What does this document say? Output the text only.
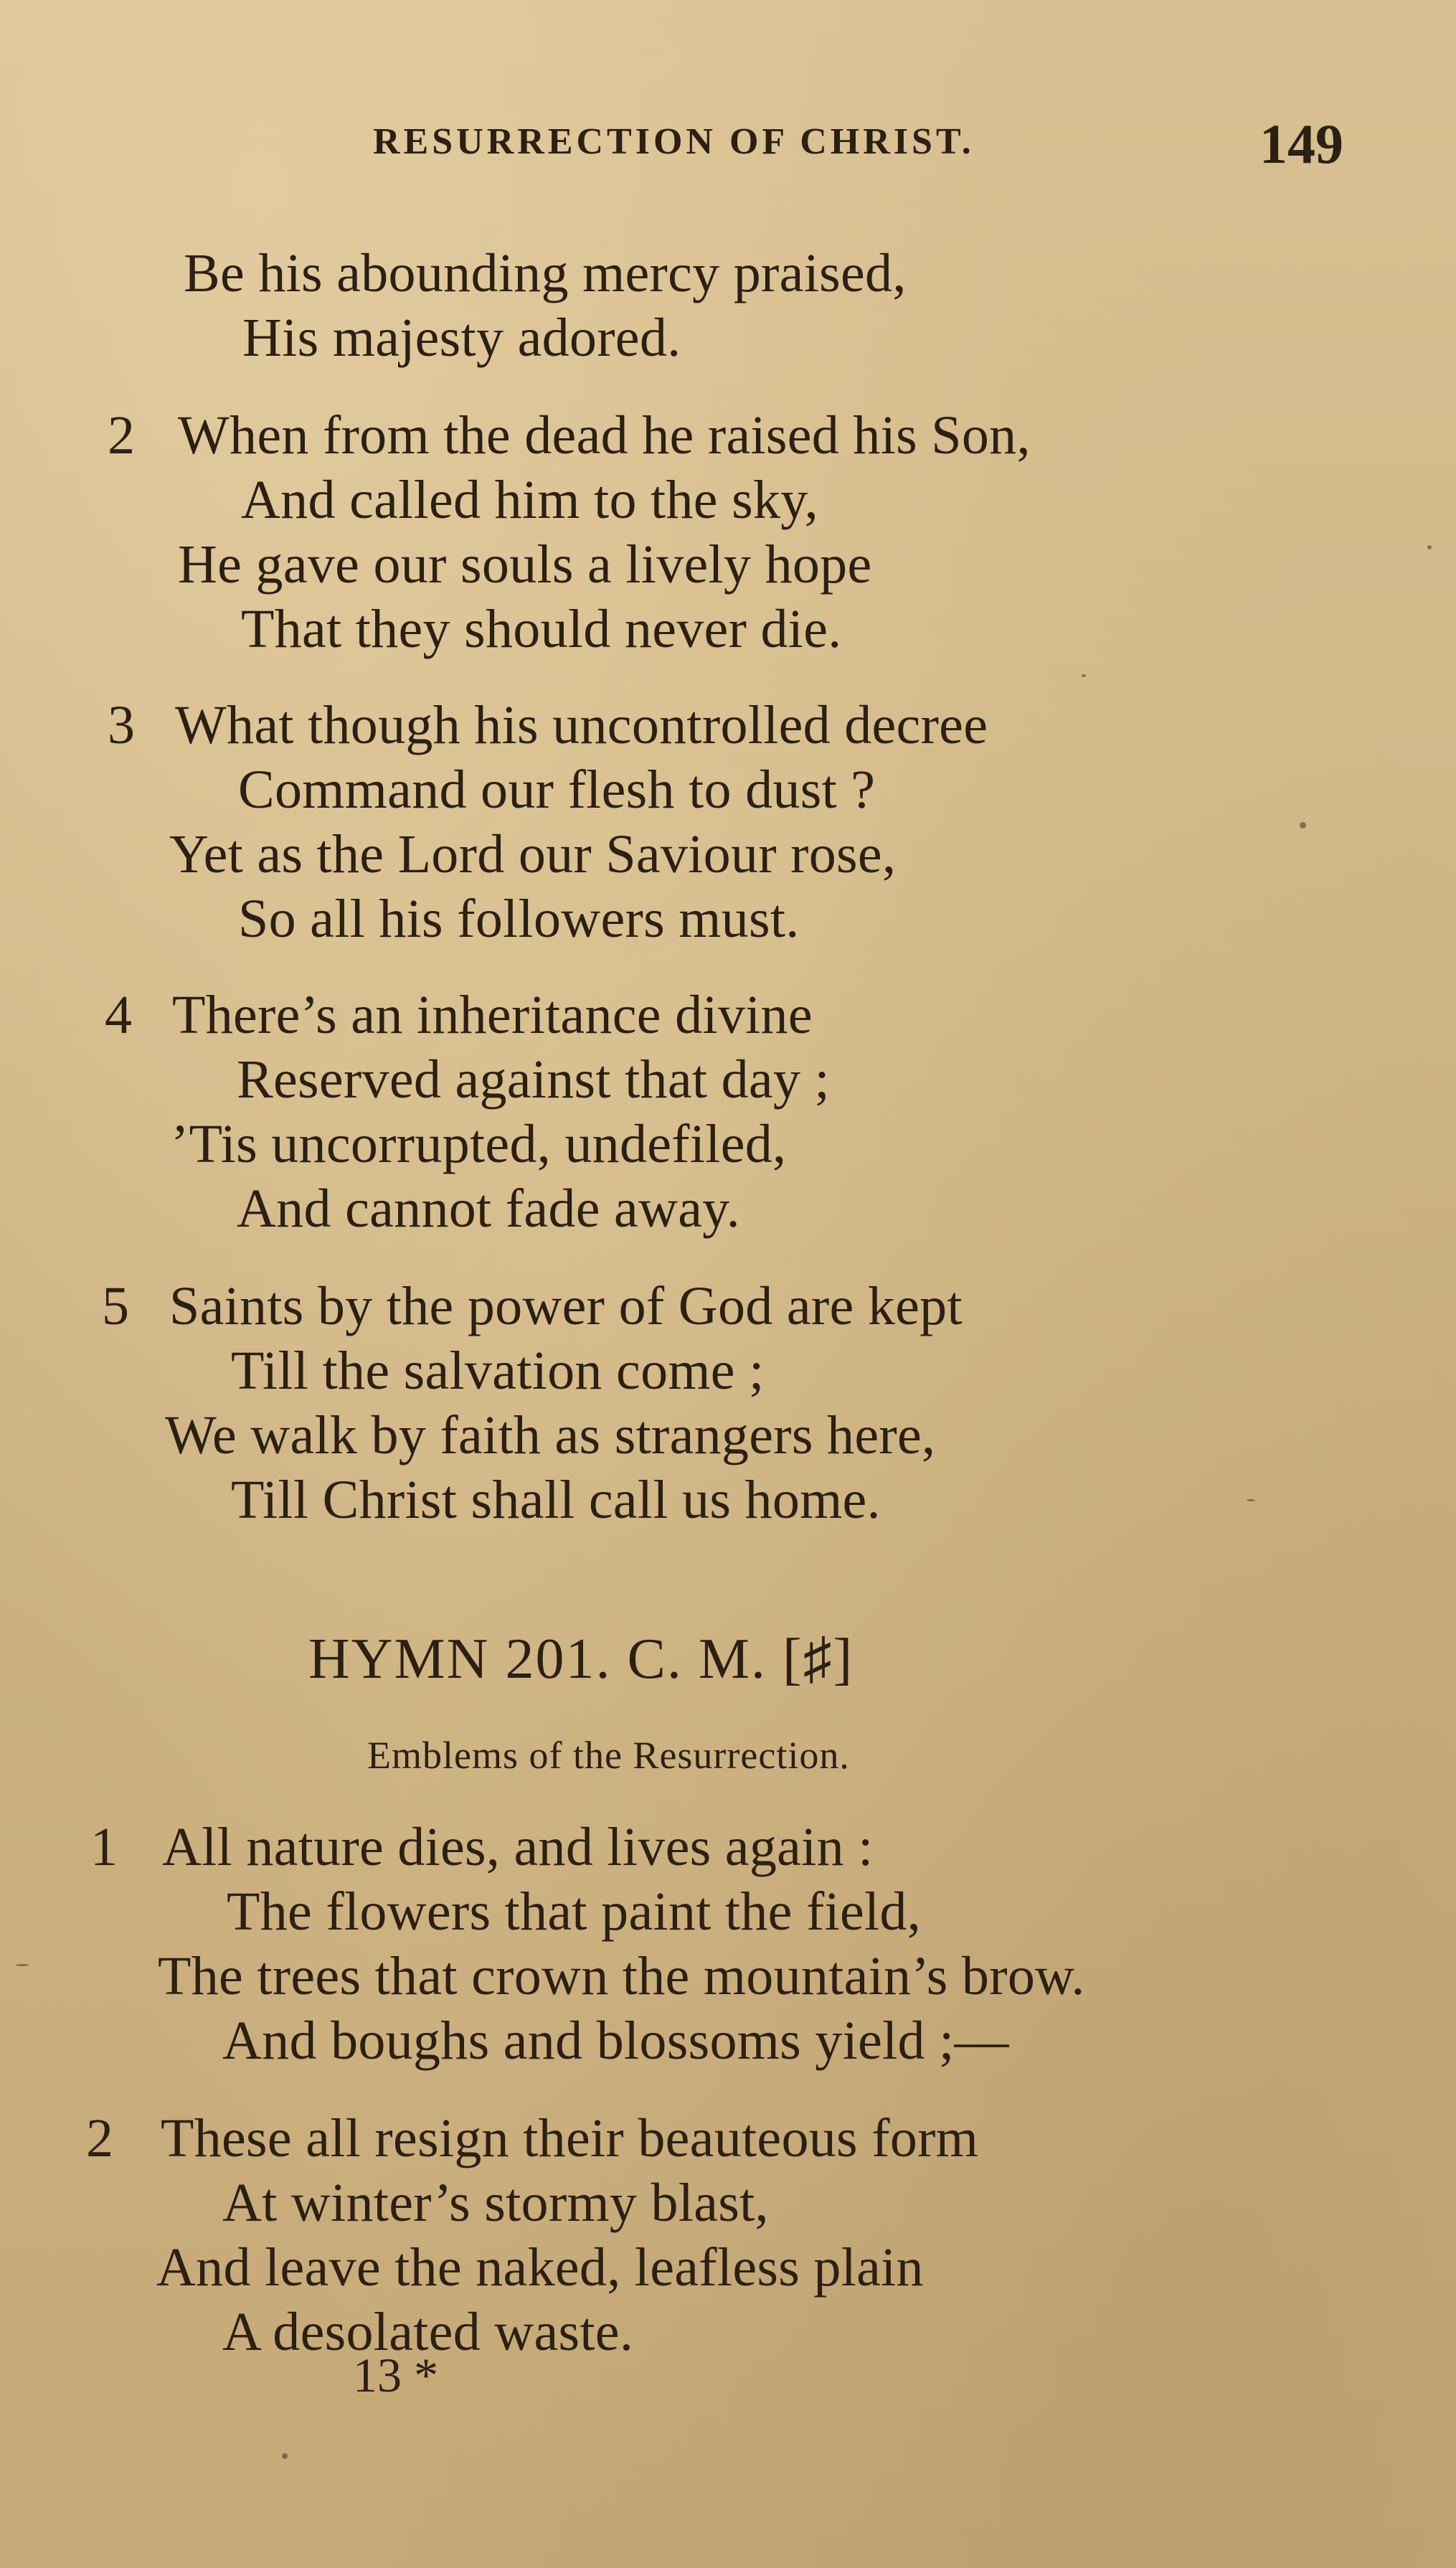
RESURRECTION OF CHRIST.	149
Be his abounding mercy praised,
His majesty adored.
2 When from the dead he raised his Son,
And called him to the sky,
He gave our souls a lively hope
That they should never die.
3 What though his uncontrolled decree
Command our flesh to dust ?
Yet as the Lord our Saviour rose,
So all his followers must.
4 There’s an inheritance divine
Reserved against that day ;
’Tis uncorrupted, undefiled,
And cannot fade away.
5 Saints by the power of God are kept
Till the salvation come ;
We walk by faith as strangers here,
Till Christ shall call us home.
HYMN 201. C. M. [♯]
Emblems of the Resurrection.
1 All nature dies, and lives again :
The flowers that paint the field,
The trees that crown the mountain’s brow.
And boughs and blossoms yield ;—
2 These all resign their beauteous form
At winter’s stormy blast,
And leave the naked, leafless plain
A desolated waste.
13 *
